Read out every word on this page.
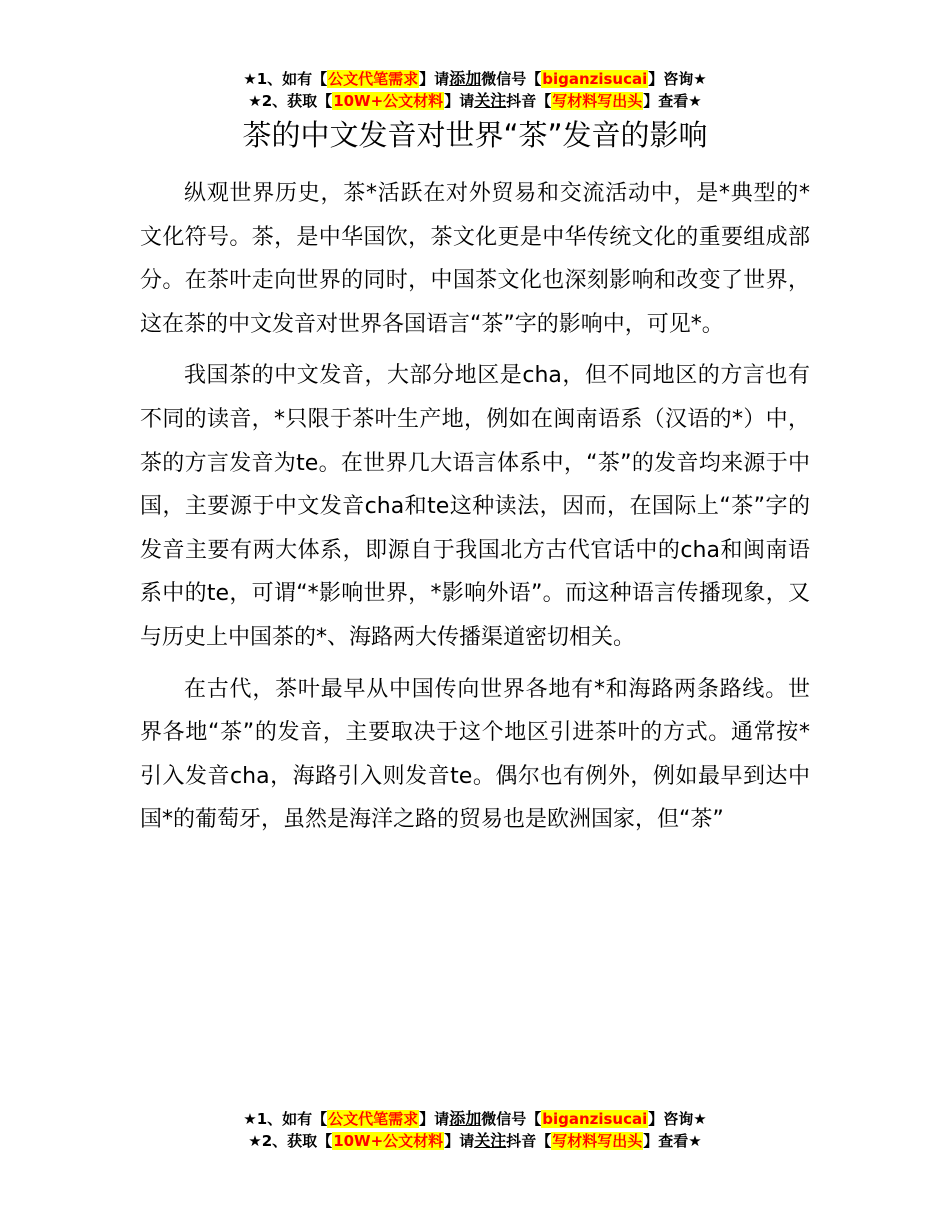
★1、如有【公文代笔需求】请添加微信号【biganzisucai】咨询★
★2、获取【10W+公文材料】请关注抖音【写材料写出头】查看★
茶的中文发音对世界“茶”发音的影响

纵观世界历史，茶*活跃在对外贸易和交流活动中，是*典型的*文化符号。茶，是中华国饮，茶文化更是中华传统文化的重要组成部分。在茶叶走向世界的同时，中国茶文化也深刻影响和改变了世界，这在茶的中文发音对世界各国语言“茶”字的影响中，可见*。

我国茶的中文发音，大部分地区是cha，但不同地区的方言也有不同的读音，*只限于茶叶生产地，例如在闽南语系（汉语的*）中，茶的方言发音为te。在世界几大语言体系中，“茶”的发音均来源于中国，主要源于中文发音cha和te这种读法，因而，在国际上“茶”字的发音主要有两大体系，即源自于我国北方古代官话中的cha和闽南语系中的te，可谓“*影响世界，*影响外语”。而这种语言传播现象，又与历史上中国茶的*、海路两大传播渠道密切相关。

在古代，茶叶最早从中国传向世界各地有*和海路两条路线。世界各地“茶”的发音，主要取决于这个地区引进茶叶的方式。通常按*引入发音cha，海路引入则发音te。偶尔也有例外，例如最早到达中国*的葡萄牙，虽然是海洋之路的贸易也是欧洲国家，但“茶”

★1、如有【公文代笔需求】请添加微信号【biganzisucai】咨询★
★2、获取【10W+公文材料】请关注抖音【写材料写出头】查看★
